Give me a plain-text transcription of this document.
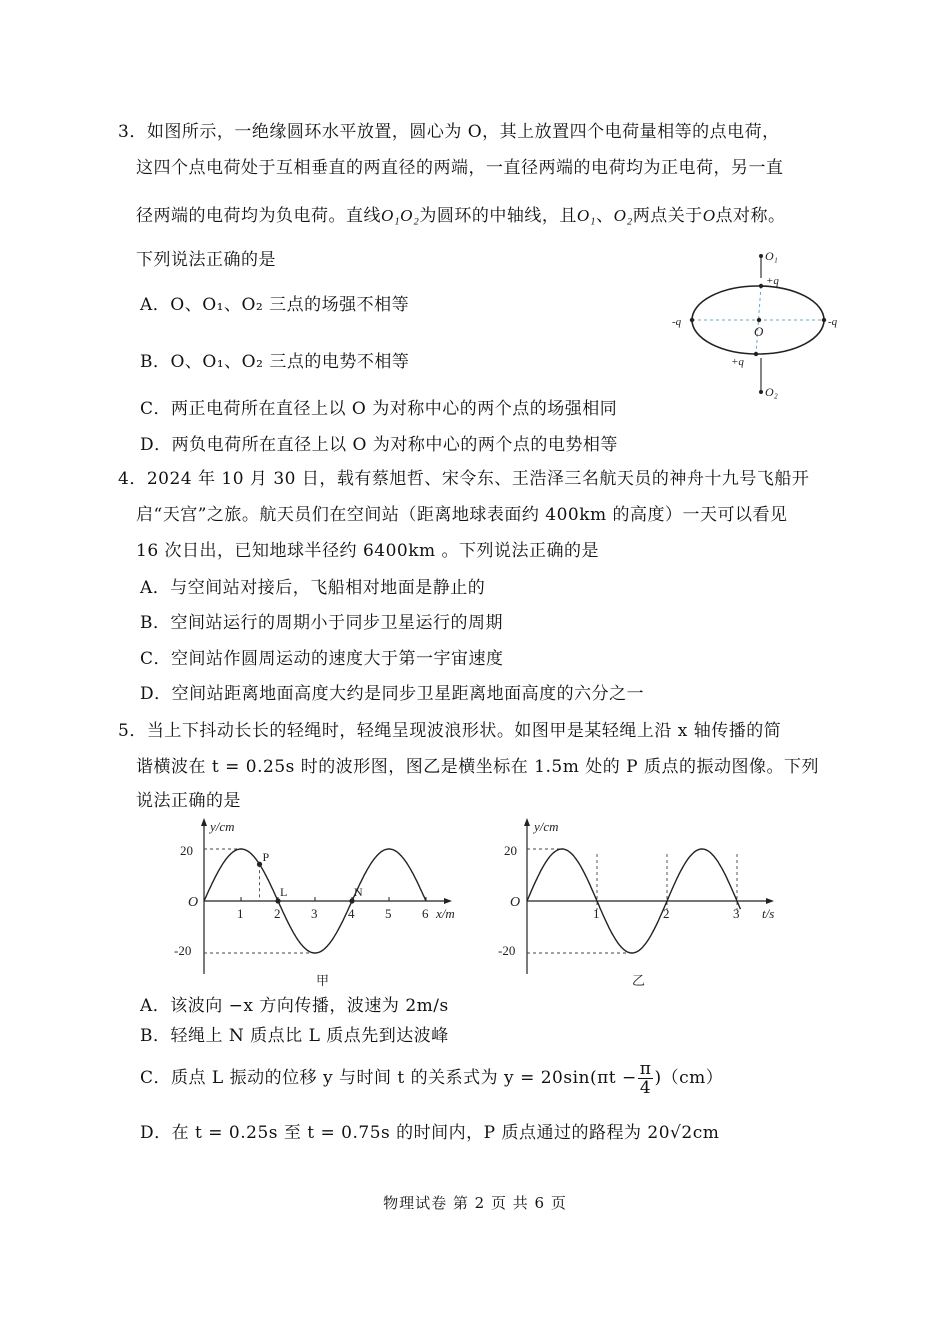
3．如图所示，一绝缘圆环水平放置，圆心为 O，其上放置四个电荷量相等的点电荷，
这四个点电荷处于互相垂直的两直径的两端，一直径两端的电荷均为正电荷，另一直
径两端的电荷均为负电荷。直线O₁O₂为圆环的中轴线，且O₁、O₂两点关于O点对称。
下列说法正确的是
A．O、O₁、O₂ 三点的场强不相等
B．O、O₁、O₂ 三点的电势不相等
C．两正电荷所在直径上以 O 为对称中心的两个点的场强相同
D．两负电荷所在直径上以 O 为对称中心的两个点的电势相等
O₁
+q
O
-q	-q
+q
O₂
4．2024 年 10 月 30 日，载有蔡旭哲、宋令东、王浩泽三名航天员的神舟十九号飞船开
启“天宫”之旅。航天员们在空间站（距离地球表面约 400km 的高度）一天可以看见
16 次日出，已知地球半径约 6400km 。下列说法正确的是
A．与空间站对接后，飞船相对地面是静止的
B．空间站运行的周期小于同步卫星运行的周期
C．空间站作圆周运动的速度大于第一宇宙速度
D．空间站距离地面高度大约是同步卫星距离地面高度的六分之一
5．当上下抖动长长的轻绳时，轻绳呈现波浪形状。如图甲是某轻绳上沿 x 轴传播的简
谐横波在 t = 0.25s 时的波形图，图乙是横坐标在 1.5m 处的 P 质点的振动图像。下列
说法正确的是
1 2 3 4 5 6
P
L	N
y/cm
x/m
O
20
-20
甲
1	2	3
y/cm
t/s
O
20
-20
乙
A．该波向 −x 方向传播，波速为 2m/s
B．轻绳上 N 质点比 L 质点先到达波峰
C．质点 L 振动的位移 y 与时间 t 的关系式为 $y = 20\sin(\pi t - \frac{\pi}{4} )(cm)$
D．在 t = 0.25s 至 t = 0.75s 的时间内，P 质点通过的路程为 20√2cm
物理试卷 第 2 页 共 6 页
